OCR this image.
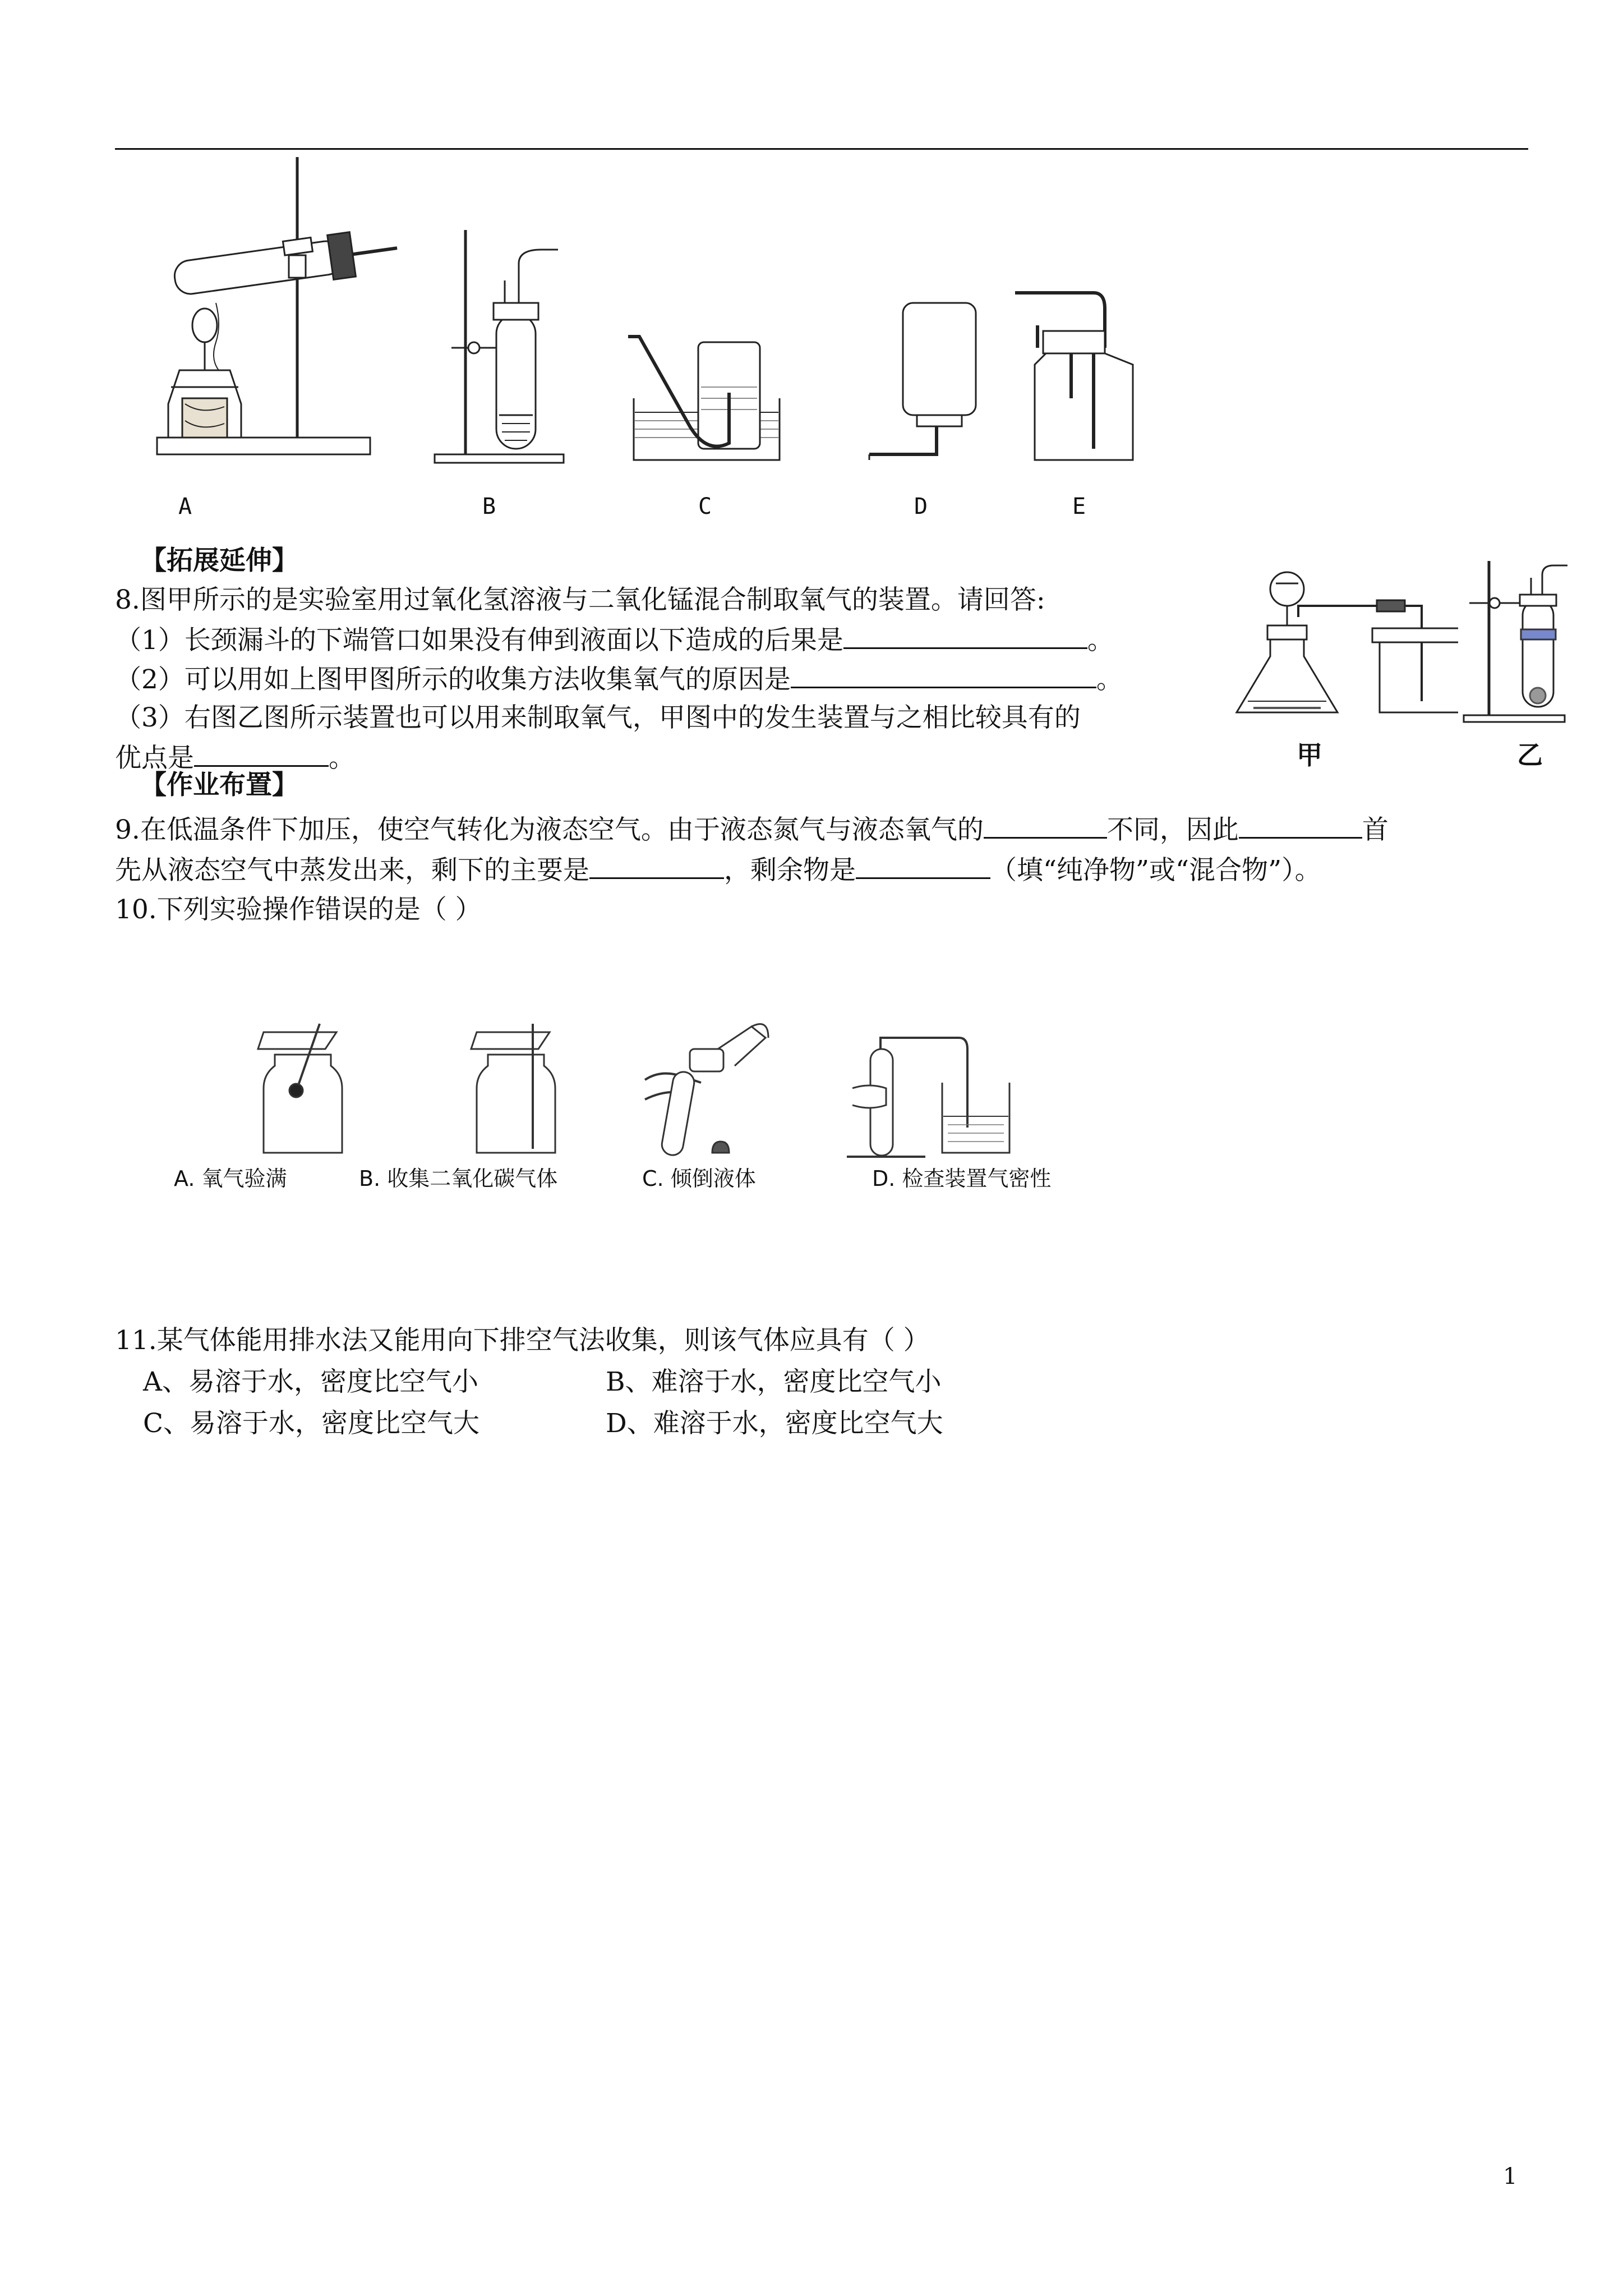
A	B	C	D	E
【拓展延伸】
8.图甲所示的是实验室用过氧化氢溶液与二氧化锰混合制取氧气的装置。请回答:
（1）长颈漏斗的下端管口如果没有伸到液面以下造成的后果是	。
（2）可以用如上图甲图所示的收集方法收集氧气的原因是	。
（3）右图乙图所示装置也可以用来制取氧气，甲图中的发生装置与之相比较具有的
优点是	。	甲	乙
【作业布置】
9.在低温条件下加压，使空气转化为液态空气。由于液态氮气与液态氧气的	不同，因此	首
先从液态空气中蒸发出来，剩下的主要是	，剩余物是	（填“纯净物”或“混合物”）。
10.下列实验操作错误的是（ ）
A. 氧气验满	B. 收集二氧化碳气体	C. 倾倒液体	D. 检查装置气密性
11.某气体能用排水法又能用向下排空气法收集，则该气体应具有（ ）
A、易溶于水，密度比空气小	B、难溶于水，密度比空气小
C、易溶于水，密度比空气大	D、难溶于水，密度比空气大
1
